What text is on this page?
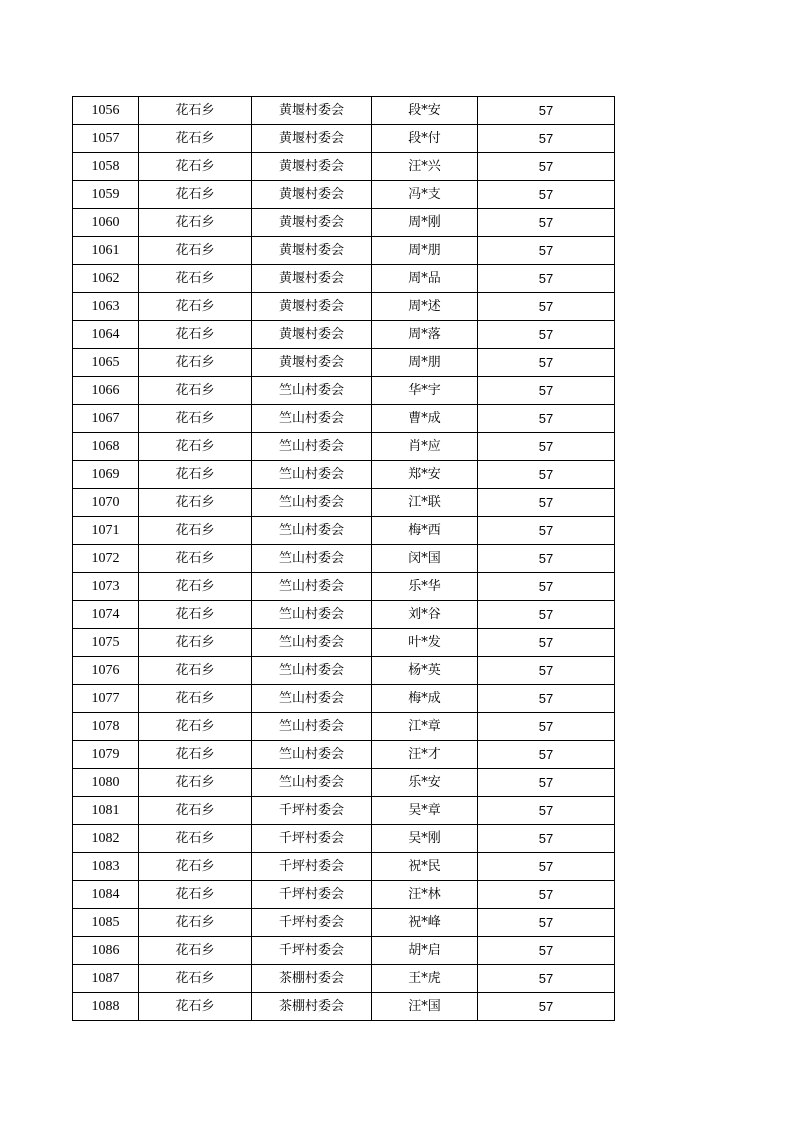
1056	花石乡	黄堰村委会	段*安	57
1057	花石乡	黄堰村委会	段*付	57
1058	花石乡	黄堰村委会	汪*兴	57
1059	花石乡	黄堰村委会	冯*支	57
1060	花石乡	黄堰村委会	周*刚	57
1061	花石乡	黄堰村委会	周*朋	57
1062	花石乡	黄堰村委会	周*品	57
1063	花石乡	黄堰村委会	周*述	57
1064	花石乡	黄堰村委会	周*落	57
1065	花石乡	黄堰村委会	周*朋	57
1066	花石乡	竺山村委会	华*宇	57
1067	花石乡	竺山村委会	曹*成	57
1068	花石乡	竺山村委会	肖*应	57
1069	花石乡	竺山村委会	郑*安	57
1070	花石乡	竺山村委会	江*联	57
1071	花石乡	竺山村委会	梅*西	57
1072	花石乡	竺山村委会	闵*国	57
1073	花石乡	竺山村委会	乐*华	57
1074	花石乡	竺山村委会	刘*谷	57
1075	花石乡	竺山村委会	叶*发	57
1076	花石乡	竺山村委会	杨*英	57
1077	花石乡	竺山村委会	梅*成	57
1078	花石乡	竺山村委会	江*章	57
1079	花石乡	竺山村委会	汪*才	57
1080	花石乡	竺山村委会	乐*安	57
1081	花石乡	千坪村委会	吴*章	57
1082	花石乡	千坪村委会	吴*刚	57
1083	花石乡	千坪村委会	祝*民	57
1084	花石乡	千坪村委会	汪*林	57
1085	花石乡	千坪村委会	祝*峰	57
1086	花石乡	千坪村委会	胡*启	57
1087	花石乡	茶棚村委会	王*虎	57
1088	花石乡	茶棚村委会	汪*国	57
